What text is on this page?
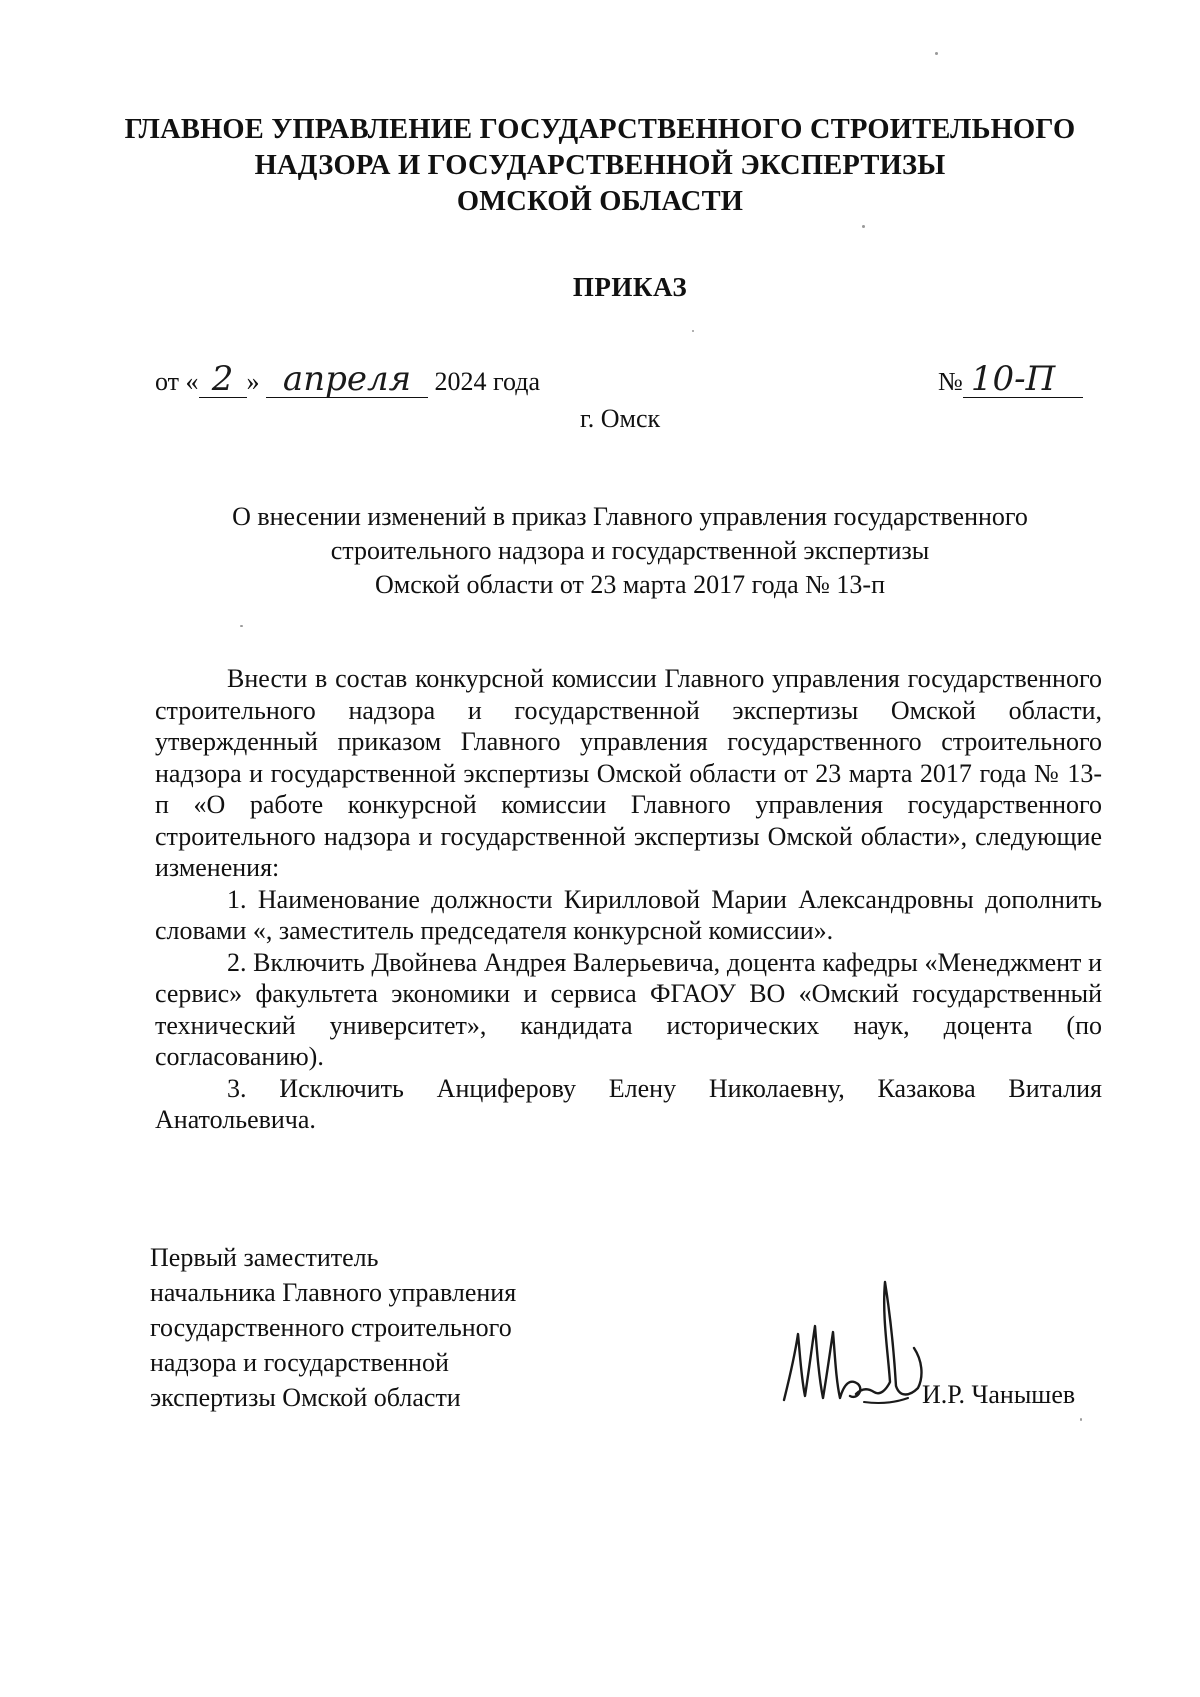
ГЛАВНОЕ УПРАВЛЕНИЕ ГОСУДАРСТВЕННОГО СТРОИТЕЛЬНОГО
НАДЗОРА И ГОСУДАРСТВЕННОЙ ЭКСПЕРТИЗЫ
ОМСКОЙ ОБЛАСТИ
ПРИКАЗ
от « 2 » апреля 2024 года	№ 10-П
г. Омск
О внесении изменений в приказ Главного управления государственного
строительного надзора и государственной экспертизы
Омской области от 23 марта 2017 года № 13-п

Внести в состав конкурсной комиссии Главного управления государственного строительного надзора и государственной экспертизы Омской области, утвержденный приказом Главного управления государственного строительного надзора и государственной экспертизы Омской области от 23 марта 2017 года № 13-п «О работе конкурсной комиссии Главного управления государственного строительного надзора и государственной экспертизы Омской области», следующие изменения:

1. Наименование должности Кирилловой Марии Александровны дополнить словами «, заместитель председателя конкурсной комиссии».

2. Включить Двойнева Андрея Валерьевича, доцента кафедры «Менеджмент и сервис» факультета экономики и сервиса ФГАОУ ВО «Омский государственный технический университет», кандидата исторических наук, доцента (по согласованию).

3. Исключить Анциферову Елену Николаевну, Казакова Виталия Анатольевича.

Первый заместитель
начальника Главного управления
государственного строительного
надзора и государственной
экспертизы Омской области	И.Р. Чанышев
